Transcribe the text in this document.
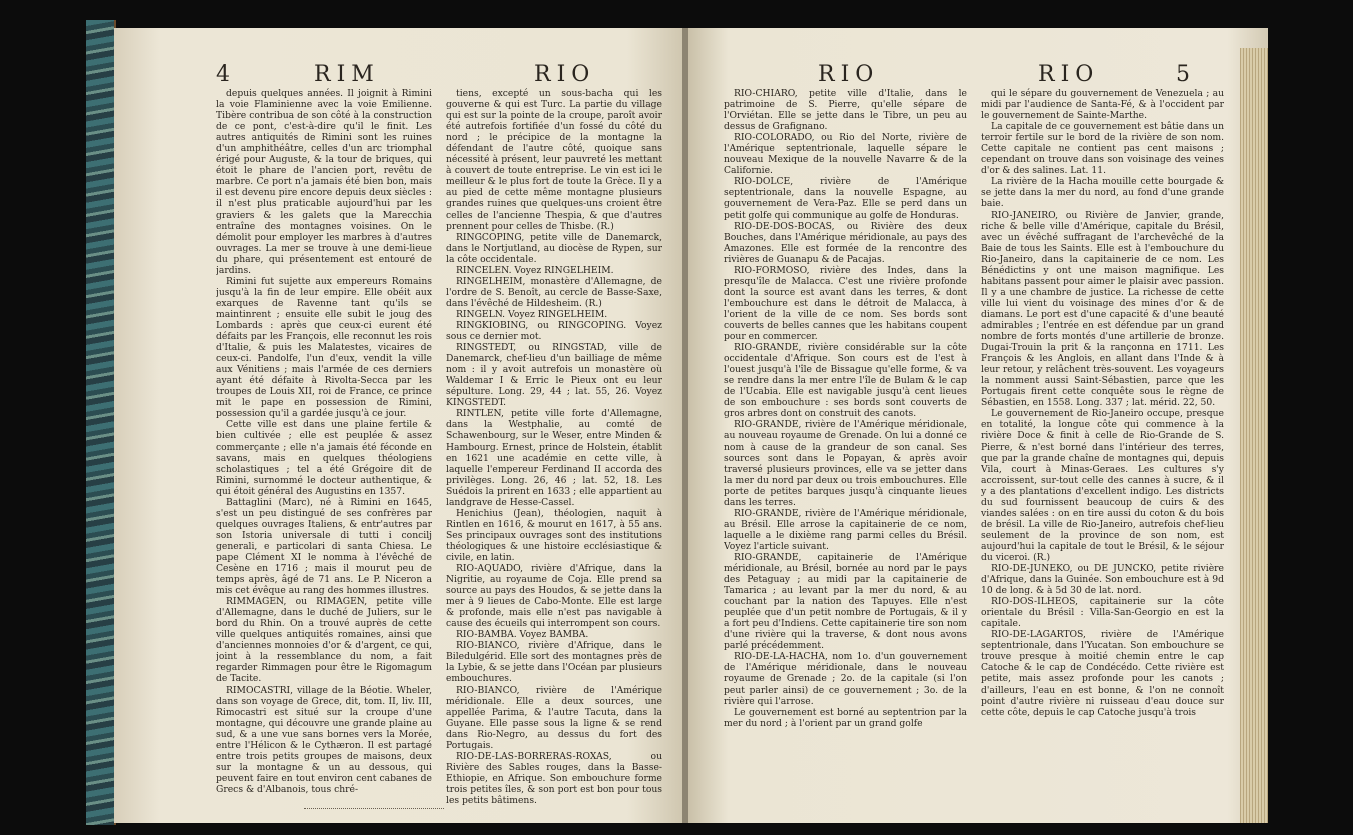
4	RIM	RIO

depuis quelques années. Il joignit à Rimini la voie Flaminienne avec la voie Emilienne. Tibère contribua de son côté à la construction de ce pont, c'est-à-dire qu'il le finit. Les autres antiquités de Rimini sont les ruines d'un amphithéâtre, celles d'un arc triomphal érigé pour Auguste, & la tour de briques, qui étoit le phare de l'ancien port, revêtu de marbre. Ce port n'a jamais été bien bon, mais il est devenu pire encore depuis deux siècles : il n'est plus praticable aujourd'hui par les graviers & les galets que la Marecchia entraîne des montagnes voisines. On le démolit pour employer les marbres à d'autres ouvrages. La mer se trouve à une demi-lieue du phare, qui présentement est entouré de jardins.

Rimini fut sujette aux empereurs Romains jusqu'à la fin de leur empire. Elle obéit aux exarques de Ravenne tant qu'ils se maintinrent ; ensuite elle subit le joug des Lombards : après que ceux-ci eurent été défaits par les François, elle reconnut les rois d'Italie, & puis les Malatestes, vicaires de ceux-ci. Pandolfe, l'un d'eux, vendit la ville aux Vénitiens ; mais l'armée de ces derniers ayant été défaite à Rivolta-Secca par les troupes de Louis XII, roi de France, ce prince mit le pape en possession de Rimini, possession qu'il a gardée jusqu'à ce jour.

Cette ville est dans une plaine fertile & bien cultivée ; elle est peuplée & assez commerçante ; elle n'a jamais été féconde en savans, mais en quelques théologiens scholastiques ; tel a été Grégoire dit de Rimini, surnommé le docteur authentique, & qui étoit général des Augustins en 1357.

Battaglini (Marc), né à Rimini en 1645, s'est un peu distingué de ses confrères par quelques ouvrages Italiens, & entr'autres par son Istoria universale di tutti i concilj generali, e particolari di santa Chiesa. Le pape Clément XI le nomma à l'évêché de Cesène en 1716 ; mais il mourut peu de temps après, âgé de 71 ans. Le P. Niceron a mis cet évêque au rang des hommes illustres.

RIMMAGEN, ou RIMAGEN, petite ville d'Allemagne, dans le duché de Juliers, sur le bord du Rhin. On a trouvé auprès de cette ville quelques antiquités romaines, ainsi que d'anciennes monnoies d'or & d'argent, ce qui, joint à la ressemblance du nom, a fait regarder Rimmagen pour être le Rigomagum de Tacite.

RIMOCASTRI, village de la Béotie. Wheler, dans son voyage de Grece, dit, tom. II, liv. III, Rimocastri est situé sur la croupe d'une montagne, qui découvre une grande plaine au sud, & a une vue sans bornes vers la Morée, entre l'Hélicon & le Cythæron. Il est partagé entre trois petits groupes de maisons, deux sur la montagne & un au dessous, qui peuvent faire en tout environ cent cabanes de Grecs & d'Albanois, tous chré-

tiens, excepté un sous-bacha qui les gouverne & qui est Turc. La partie du village qui est sur la pointe de la croupe, paroît avoir été autrefois fortifiée d'un fossé du côté du nord ; le précipice de la montagne la défendant de l'autre côté, quoique sans nécessité à présent, leur pauvreté les mettant à couvert de toute entreprise. Le vin est ici le meilleur & le plus fort de toute la Grèce. Il y a au pied de cette même montagne plusieurs grandes ruines que quelques-uns croient être celles de l'ancienne Thespia, & que d'autres prennent pour celles de Thisbe. (R.)

RINGCOPING, petite ville de Danemarck, dans le Nortjutland, au diocèse de Rypen, sur la côte occidentale.

RINCELEN. Voyez RINGELHEIM.

RINGELHEIM, monastère d'Allemagne, de l'ordre de S. Benoît, au cercle de Basse-Saxe, dans l'évêché de Hildesheim. (R.)

RINGELN. Voyez RINGELHEIM.

RINGKIOBING, ou RINGCOPING. Voyez sous ce dernier mot.

RINGSTEDT, ou RINGSTAD, ville de Danemarck, chef-lieu d'un bailliage de même nom : il y avoit autrefois un monastère où Waldemar I & Erric le Pieux ont eu leur sépulture. Long. 29, 44 ; lat. 55, 26. Voyez KINGSTEDT.

RINTLEN, petite ville forte d'Allemagne, dans la Westphalie, au comté de Schawenbourg, sur le Weser, entre Minden & Hambourg. Ernest, prince de Holstein, établit en 1621 une académie en cette ville, à laquelle l'empereur Ferdinand II accorda des privilèges. Long. 26, 46 ; lat. 52, 18. Les Suédois la prirent en 1633 ; elle appartient au landgrave de Hesse-Cassel.

Henichius (Jean), théologien, naquit à Rintlen en 1616, & mourut en 1617, à 55 ans. Ses principaux ouvrages sont des institutions théologiques & une histoire ecclésiastique & civile, en latin.

RIO-AQUADO, rivière d'Afrique, dans la Nigritie, au royaume de Coja. Elle prend sa source au pays des Houdos, & se jette dans la mer à 9 lieues de Cabo-Monte. Elle est large & profonde, mais elle n'est pas navigable à cause des écueils qui interrompent son cours.

RIO-BAMBA. Voyez BAMBA.

RIO-BIANCO, rivière d'Afrique, dans le Biledulgérid. Elle sort des montagnes près de la Lybie, & se jette dans l'Océan par plusieurs embouchures.

RIO-BIANCO, rivière de l'Amérique méridionale. Elle a deux sources, une appellée Parima, & l'autre Tacuta, dans la Guyane. Elle passe sous la ligne & se rend dans Rio-Negro, au dessus du fort des Portugais.

RIO-DE-LAS-BORRERAS-ROXAS, ou Rivière des Sables rouges, dans la Basse-Ethiopie, en Afrique. Son embouchure forme trois petites îles, & son port est bon pour tous les petits bâtimens.

RIO	RIO	5

RIO-CHIARO, petite ville d'Italie, dans le patrimoine de S. Pierre, qu'elle sépare de l'Orviétan. Elle se jette dans le Tibre, un peu au dessus de Grafignano.

RIO-COLORADO, ou Rio del Norte, rivière de l'Amérique septentrionale, laquelle sépare le nouveau Mexique de la nouvelle Navarre & de la Californie.

RIO-DOLCE, rivière de l'Amérique septentrionale, dans la nouvelle Espagne, au gouvernement de Vera-Paz. Elle se perd dans un petit golfe qui communique au golfe de Honduras.

RIO-DE-DOS-BOCAS, ou Rivière des deux Bouches, dans l'Amérique méridionale, au pays des Amazones. Elle est formée de la rencontre des rivières de Guanapu & de Pacajas.

RIO-FORMOSO, rivière des Indes, dans la presqu'île de Malacca. C'est une rivière profonde dont la source est avant dans les terres, & dont l'embouchure est dans le détroit de Malacca, à l'orient de la ville de ce nom. Ses bords sont couverts de belles cannes que les habitans coupent pour en commercer.

RIO-GRANDE, rivière considérable sur la côte occidentale d'Afrique. Son cours est de l'est à l'ouest jusqu'à l'île de Bissague qu'elle forme, & va se rendre dans la mer entre l'île de Bulam & le cap de l'Ucabia. Elle est navigable jusqu'à cent lieues de son embouchure : ses bords sont couverts de gros arbres dont on construit des canots.

RIO-GRANDE, rivière de l'Amérique méridionale, au nouveau royaume de Grenade. On lui a donné ce nom à cause de la grandeur de son canal. Ses sources sont dans le Popayan, & après avoir traversé plusieurs provinces, elle va se jetter dans la mer du nord par deux ou trois embouchures. Elle porte de petites barques jusqu'à cinquante lieues dans les terres.

RIO-GRANDE, rivière de l'Amérique méridionale, au Brésil. Elle arrose la capitainerie de ce nom, laquelle a le dixième rang parmi celles du Brésil. Voyez l'article suivant.

RIO-GRANDE, capitainerie de l'Amérique méridionale, au Brésil, bornée au nord par le pays des Petaguay ; au midi par la capitainerie de Tamarica ; au levant par la mer du nord, & au couchant par la nation des Tapuyes. Elle n'est peuplée que d'un petit nombre de Portugais, & il y a fort peu d'Indiens. Cette capitainerie tire son nom d'une rivière qui la traverse, & dont nous avons parlé précédemment.

RIO-DE-LA-HACHA, nom 1o. d'un gouvernement de l'Amérique méridionale, dans le nouveau royaume de Grenade ; 2o. de la capitale (si l'on peut parler ainsi) de ce gouvernement ; 3o. de la rivière qui l'arrose.

Le gouvernement est borné au septentrion par la mer du nord ; à l'orient par un grand golfe

qui le sépare du gouvernement de Venezuela ; au midi par l'audience de Santa-Fé, & à l'occident par le gouvernement de Sainte-Marthe.

La capitale de ce gouvernement est bâtie dans un terroir fertile sur le bord de la rivière de son nom. Cette capitale ne contient pas cent maisons ; cependant on trouve dans son voisinage des veines d'or & des salines. Lat. 11.

La rivière de la Hacha mouille cette bourgade & se jette dans la mer du nord, au fond d'une grande baie.

RIO-JANEIRO, ou Rivière de Janvier, grande, riche & belle ville d'Amérique, capitale du Brésil, avec un évêché suffragant de l'archevêché de la Baie de tous les Saints. Elle est à l'embouchure du Rio-Janeiro, dans la capitainerie de ce nom. Les Bénédictins y ont une maison magnifique. Les habitans passent pour aimer le plaisir avec passion. Il y a une chambre de justice. La richesse de cette ville lui vient du voisinage des mines d'or & de diamans. Le port est d'une capacité & d'une beauté admirables ; l'entrée en est défendue par un grand nombre de forts montés d'une artillerie de bronze. Dugai-Trouin la prit & la rançonna en 1711. Les François & les Anglois, en allant dans l'Inde & à leur retour, y relâchent très-souvent. Les voyageurs la nomment aussi Saint-Sébastien, parce que les Portugais firent cette conquête sous le règne de Sébastien, en 1558. Long. 337 ; lat. mérid. 22, 50.

Le gouvernement de Rio-Janeiro occupe, presque en totalité, la longue côte qui commence à la rivière Doce & finit à celle de Rio-Grande de S. Pierre, & n'est borné dans l'intérieur des terres, que par la grande chaîne de montagnes qui, depuis Vila, court à Minas-Geraes. Les cultures s'y accroissent, sur-tout celle des cannes à sucre, & il y a des plantations d'excellent indigo. Les districts du sud fournissent beaucoup de cuirs & des viandes salées : on en tire aussi du coton & du bois de brésil. La ville de Rio-Janeiro, autrefois chef-lieu seulement de la province de son nom, est aujourd'hui la capitale de tout le Brésil, & le séjour du viceroi. (R.)

RIO-DE-JUNEKO, ou DE JUNCKO, petite rivière d'Afrique, dans la Guinée. Son embouchure est à 9d 10 de long. & à 5d 30 de lat. nord.

RIO-DOS-ILHEOS, capitainerie sur la côte orientale du Brésil : Villa-San-Georgio en est la capitale.

RIO-DE-LAGARTOS, rivière de l'Amérique septentrionale, dans l'Yucatan. Son embouchure se trouve presque à moitié chemin entre le cap Catoche & le cap de Condécédo. Cette rivière est petite, mais assez profonde pour les canots ; d'ailleurs, l'eau en est bonne, & l'on ne connoît point d'autre rivière ni ruisseau d'eau douce sur cette côte, depuis le cap Catoche jusqu'à trois
